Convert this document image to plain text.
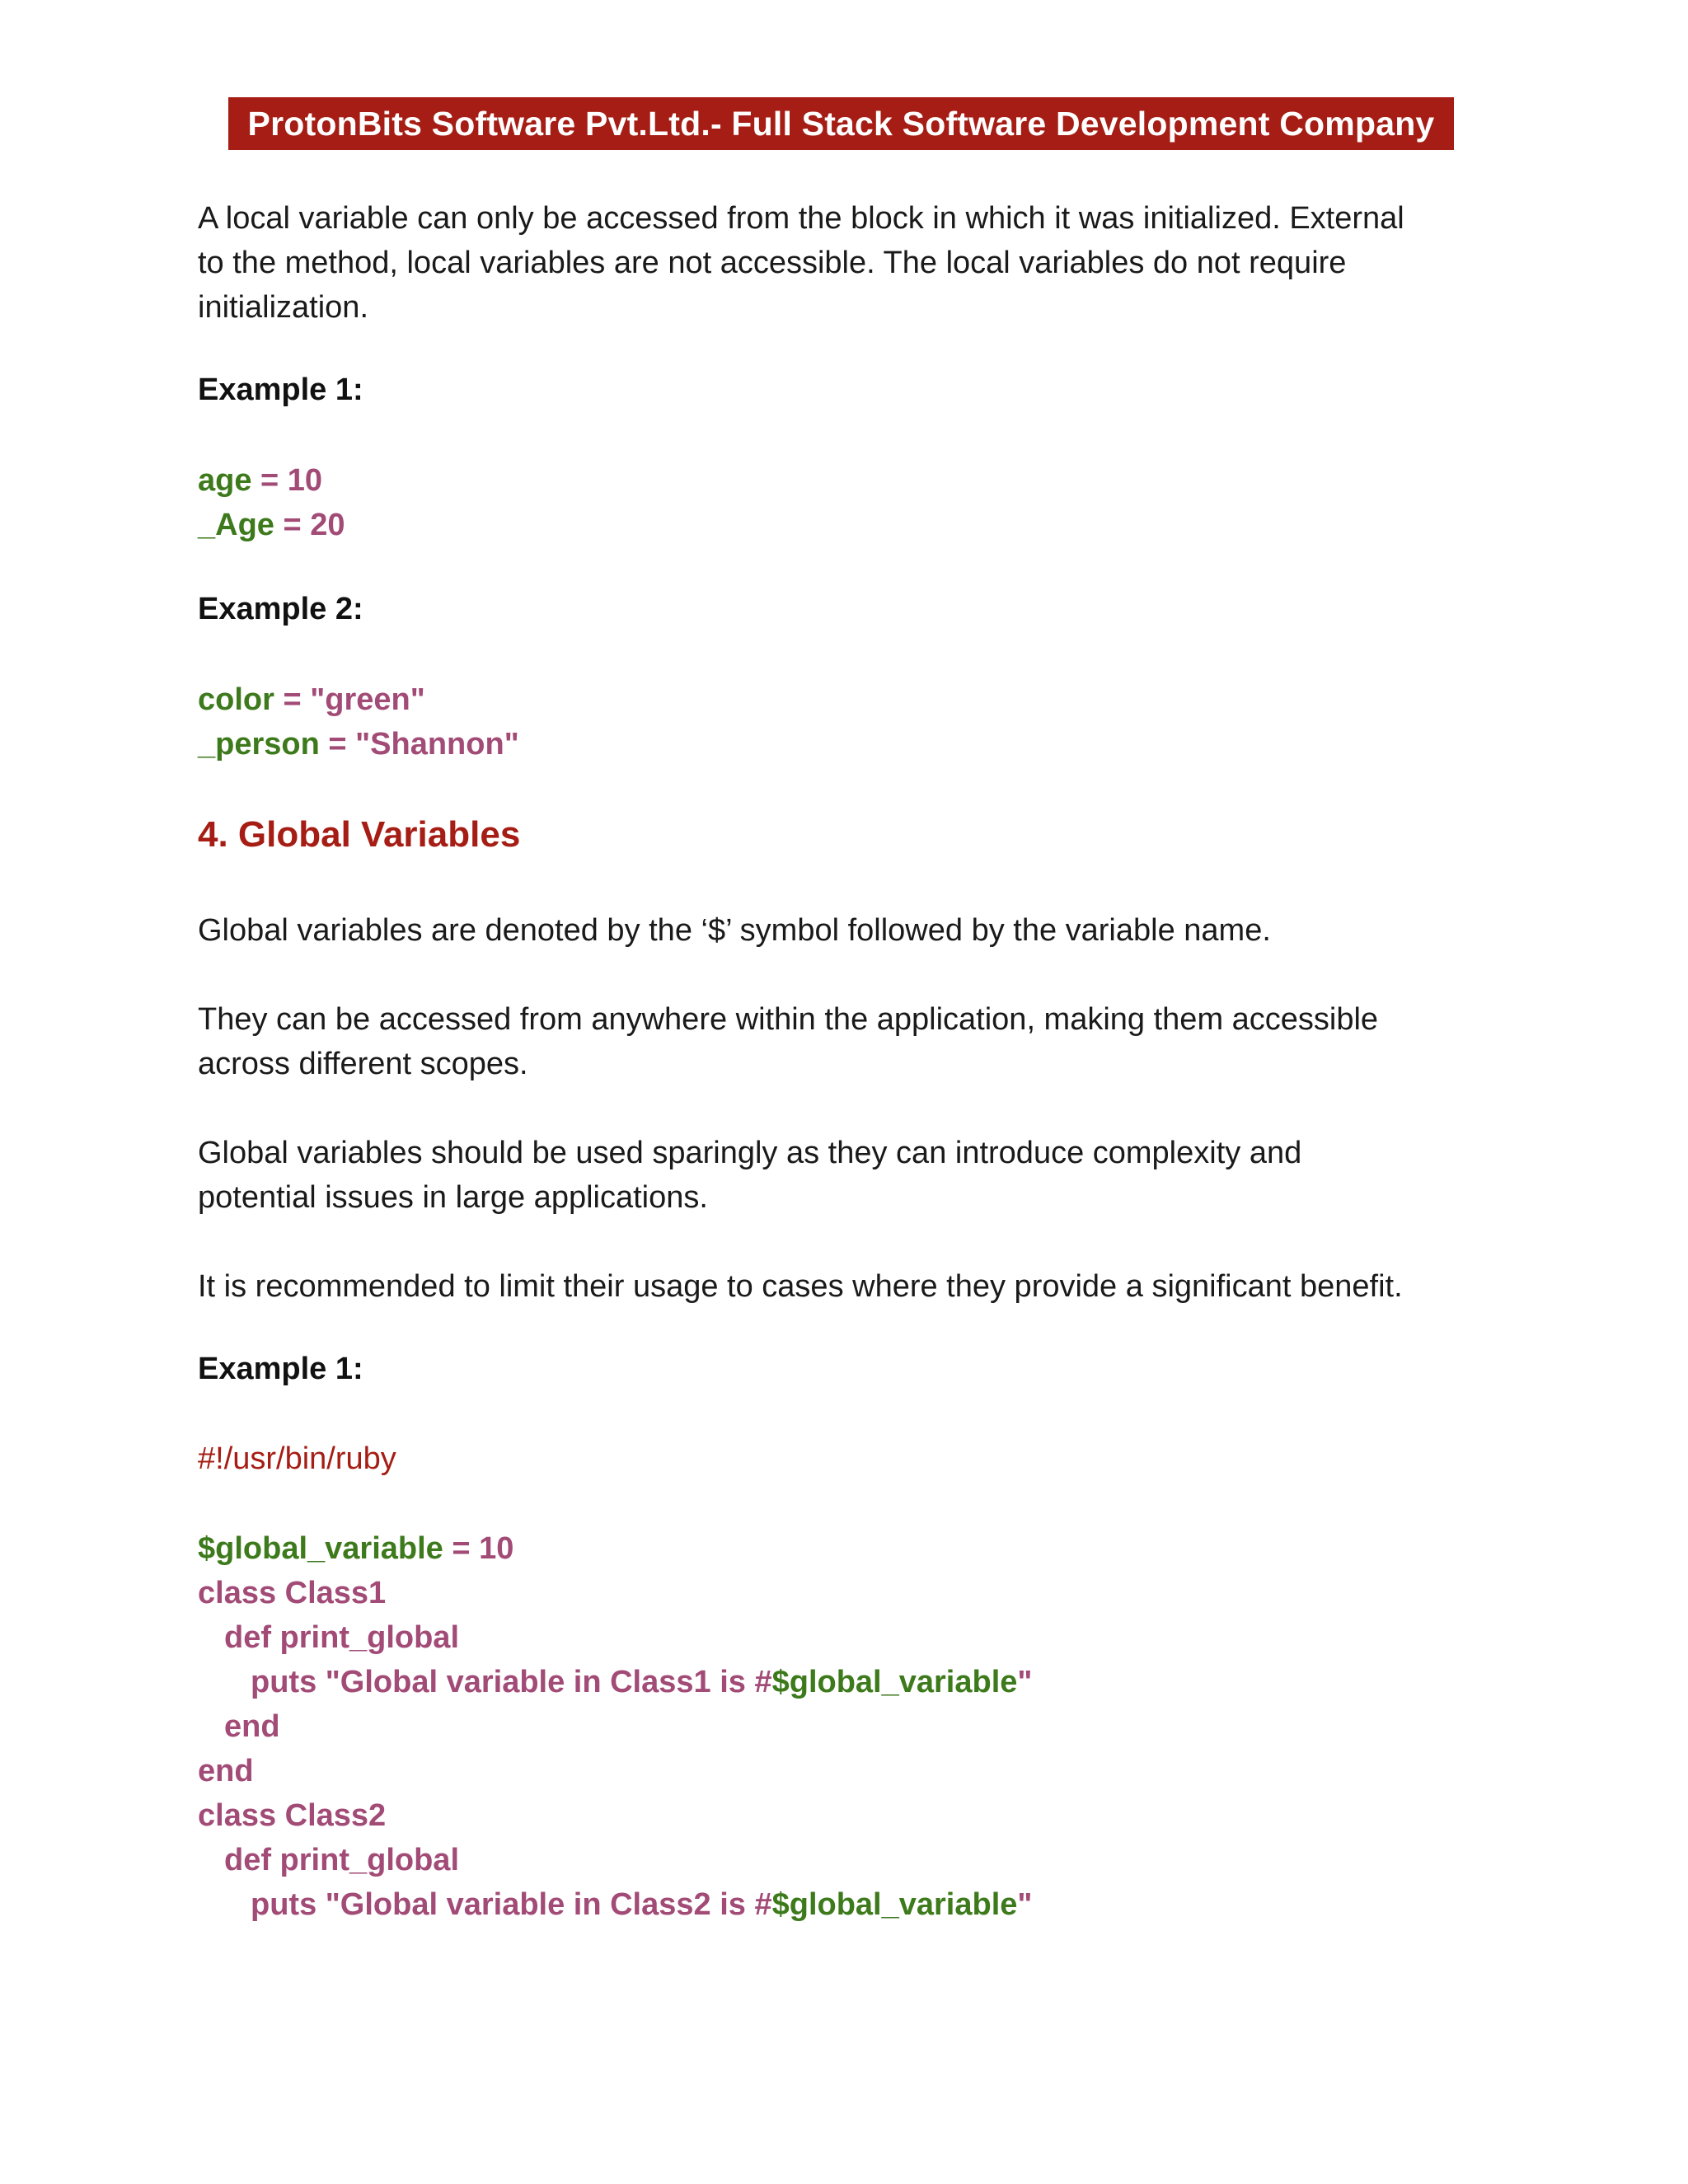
ProtonBits Software Pvt.Ltd.- Full Stack Software Development Company
A local variable can only be accessed from the block in which it was initialized. External
to the method, local variables are not accessible. The local variables do not require
initialization.
Example 1:
age = 10
_Age = 20
Example 2:
color = "green"
_person = "Shannon"
4. Global Variables
Global variables are denoted by the ‘$’ symbol followed by the variable name.
They can be accessed from anywhere within the application, making them accessible
across different scopes.
Global variables should be used sparingly as they can introduce complexity and
potential issues in large applications.
It is recommended to limit their usage to cases where they provide a significant benefit.
Example 1:
#!/usr/bin/ruby
$global_variable = 10
class Class1
def print_global
puts "Global variable in Class1 is #$global_variable"
end
end
class Class2
def print_global
puts "Global variable in Class2 is #$global_variable"
